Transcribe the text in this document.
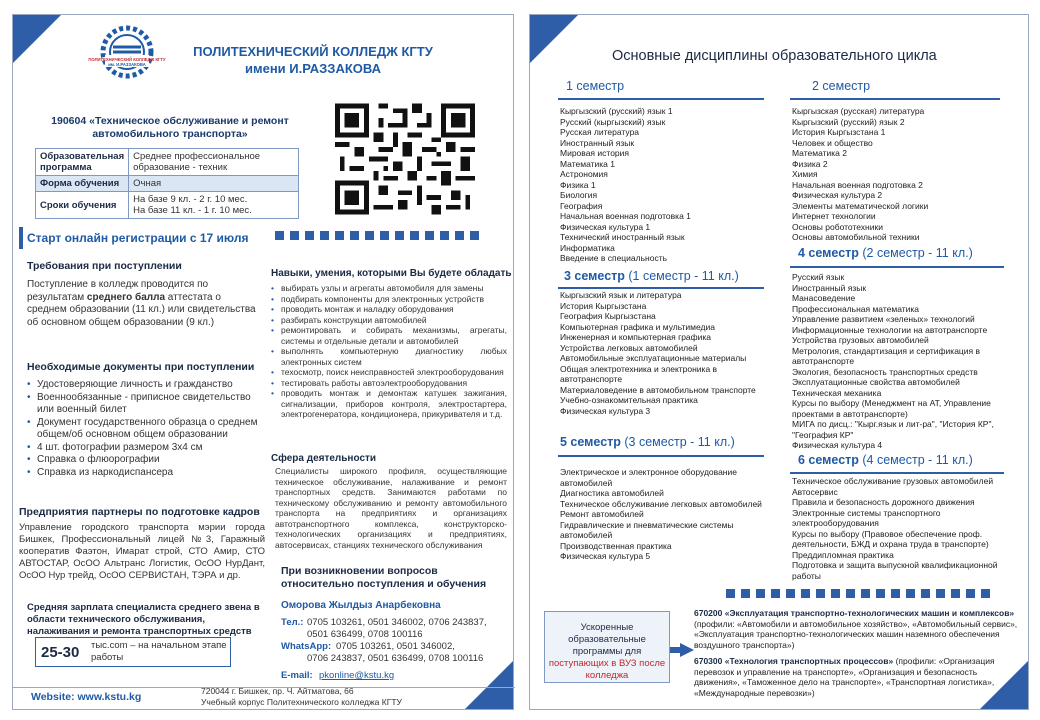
ПОЛИТЕХНИЧЕСКИЙ КОЛЛЕДЖ КГТУ
им. И.РАЗЗАКОВА
ПОЛИТЕХНИЧЕСКИЙ КОЛЛЕДЖ КГТУ
имени И.РАЗЗАКОВА
190604 «Техническое обслуживание и ремонт
автомобильного транспорта»
Образовательная программа	Среднее профессиональное образование - техник
Форма обучения	Очная
Сроки обучения	На базе 9 кл. - 2 г. 10 мес.
На базе 11 кл. - 1 г. 10 мес.
Старт онлайн регистрации с 17 июля
Требования при поступлении
Поступление в колледж проводится по результатам среднего балла аттестата о среднем образовании (11 кл.) или свидетельства об основном общем образовании (9 кл.)
Необходимые документы при поступлении
• Удостоверяющие личность и гражданство
• Военнообязанные - приписное свидетельство или военный билет
• Документ государственного образца о среднем общем/об основном общем образовании
• 4 шт. фотографии размером 3х4 см
• Справка о флюорографии
• Справка из наркодиспансера
Навыки, умения, которыми Вы будете обладать
• выбирать узлы и агрегаты автомобиля для замены
• подбирать компоненты для электронных устройств
• проводить монтаж и наладку оборудования
• разбирать конструкции автомобилей
• ремонтировать и собирать механизмы, агрегаты, системы и отдельные детали и автомобилей
• выполнять компьютерную диагностику любых электронных систем
• техосмотр, поиск неисправностей электрооборудования
• тестировать работы автоэлектрооборудования
• проводить монтаж и демонтаж катушек зажигания, сигнализации, приборов контроля, электростартера, электрогенератора, кондиционера, прикуривателя и т.д.
Сфера деятельности
Специалисты широкого профиля, осуществляющие техническое обслуживание, налаживание и ремонт транспортных средств. Занимаются работами по техническому обслуживанию и ремонту автомобильного транспорта на предприятиях и организациях автотранспортного комплекса, конструкторско-технологических организациях и предприятиях, автосервисах, станциях технического обслуживания
Предприятия партнеры по подготовке кадров
Управление городского транспорта мэрии города Бишкек, Профессиональный лицей №3, Гаражный кооператив Фаэтон, Имарат строй, СТО Амир, СТО АВТОСТАР, ОсОО Альтранс Логистик, ОсОО НурДант, ОсОО Нур трейд, ОсОО СЕРВИСТАН, ТЭРА и др.
Средняя зарплата специалиста среднего звена в области технического обслуживания, налаживания и ремонта транспортных средств
25-30 тыс.com – на начальном этапе работы
При возникновении вопросов относительно поступления и обучения
Оморова Жылдыз Анарбековна
Тел.: 0705 103261, 0501 346002, 0706 243837, 0501 636499, 0708 100116
WhatsApp: 0705 103261, 0501 346002,
0706 243837, 0501 636499, 0708 100116
E-mail: pkonline@kstu.kg
Website: www.kstu.kg	720044 г. Бишкек, пр. Ч. Айтматова, 66
Учебный корпус Политехнического колледжа КГТУ
Основные дисциплины образовательного цикла
1 семестр
Кыргызский (русский) язык 1
Русский (кыргызский) язык
Русская литература
Иностранный язык
Мировая история
Математика 1
Астрономия
Физика 1
Биология
География
Начальная военная подготовка 1
Физическая культура 1
Технический иностранный язык
Информатика
Введение в специальность
2 семестр
Кыргызская (русская) литература
Кыргызский (русский) язык 2
История Кыргызстана 1
Человек и общество
Математика 2
Физика 2
Химия
Начальная военная подготовка 2
Физическая культура 2
Элементы математической логики
Интернет технологии
Основы робототехники
Основы автомобильной техники
4 семестр (2 семестр - 11 кл.)
Русский язык
Иностранный язык
Манасоведение
Профессиональная математика
Управление развитием «зеленых» технологий
Информационные технологии на автотранспорте
Устройства грузовых автомобилей
Метрология, стандартизация и сертификация в автотранспорте
Экология, безопасность транспортных средств
Эксплуатационные свойства автомобилей
Техническая механика
Курсы по выбору (Менеджмент на АТ, Управление проектами в автотранспорте)
МИГА по дисц.: "Кырг.язык и лит-ра", "История КР", "География КР"
Физическая культура 4
3 семестр (1 семестр - 11 кл.)
Кыргызский язык и литература
История Кыргызстана
География Кыргызстана
Компьютерная графика и мультимедиа
Инженерная и компьютерная графика
Устройства легковых автомобилей
Автомобильные эксплуатационные материалы
Общая электротехника и электроника в автотранспорте
Материаловедение в автомобильном транспорте
Учебно-ознакомительная практика
Физическая культура 3
5 семестр (3 семестр - 11 кл.)
Электрическое и электронное оборудование автомобилей
Диагностика автомобилей
Техническое обслуживание легковых автомобилей
Ремонт автомобилей
Гидравлические и пневматические системы автомобилей
Производственная практика
Физическая культура 5
6 семестр (4 семестр - 11 кл.)
Техническое обслуживание грузовых автомобилей
Автосервис
Правила и безопасность дорожного движения
Электронные системы транспортного электрооборудования
Курсы по выбору (Правовое обеспечение проф. деятельности, БЖД и охрана труда в транспорте)
Преддипломная практика
Подготовка и защита выпускной квалификационной работы
Ускоренные образовательные программы для
поступающих в ВУЗ после колледжа
670200 «Эксплуатация транспортно-технологических машин и комплексов» (профили: «Автомобили и автомобильное хозяйство», «Автомобильный сервис», «Эксплуатация транспортно-технологических машин наземного обеспечения воздушного транспорта»)
670300 «Технология транспортных процессов» (профили: «Организация перевозок и управление на транспорте», «Организация и безопасность движения», «Таможенное дело на транспорте», «Транспортная логистика», «Международные перевозки»)
